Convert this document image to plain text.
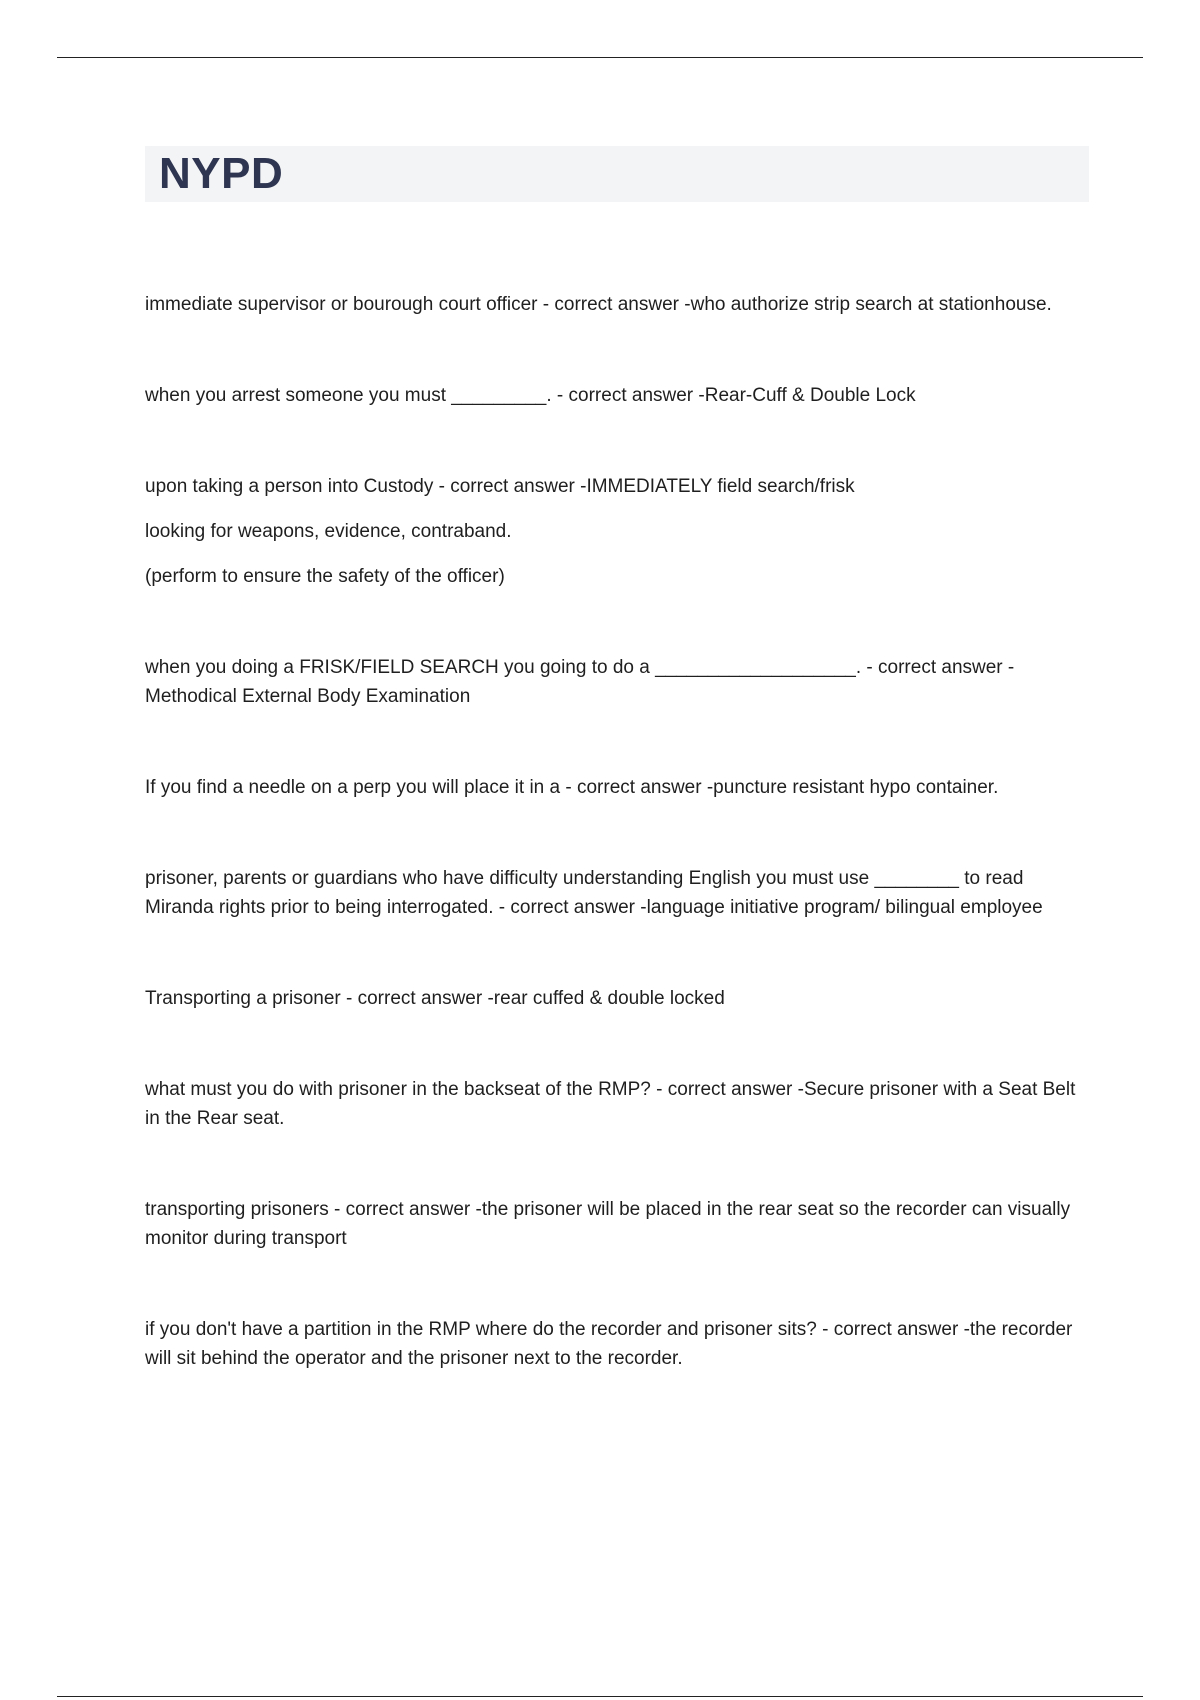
NYPD

immediate supervisor or bourough court officer - correct answer -who authorize strip search at stationhouse.

when you arrest someone you must _________. - correct answer -Rear-Cuff & Double Lock

upon taking a person into Custody - correct answer -IMMEDIATELY field search/frisk

looking for weapons, evidence, contraband.

(perform to ensure the safety of the officer)

when you doing a FRISK/FIELD SEARCH you going to do a ___________________. - correct answer -Methodical External Body Examination

If you find a needle on a perp you will place it in a - correct answer -puncture resistant hypo container.

prisoner, parents or guardians who have difficulty understanding English you must use ________ to read Miranda rights prior to being interrogated. - correct answer -language initiative program/ bilingual employee

Transporting a prisoner - correct answer -rear cuffed & double locked

what must you do with prisoner in the backseat of the RMP? - correct answer -Secure prisoner with a Seat Belt in the Rear seat.

transporting prisoners - correct answer -the prisoner will be placed in the rear seat so the recorder can visually monitor during transport

if you don't have a partition in the RMP where do the recorder and prisoner sits? - correct answer -the recorder will sit behind the operator and the prisoner next to the recorder.
